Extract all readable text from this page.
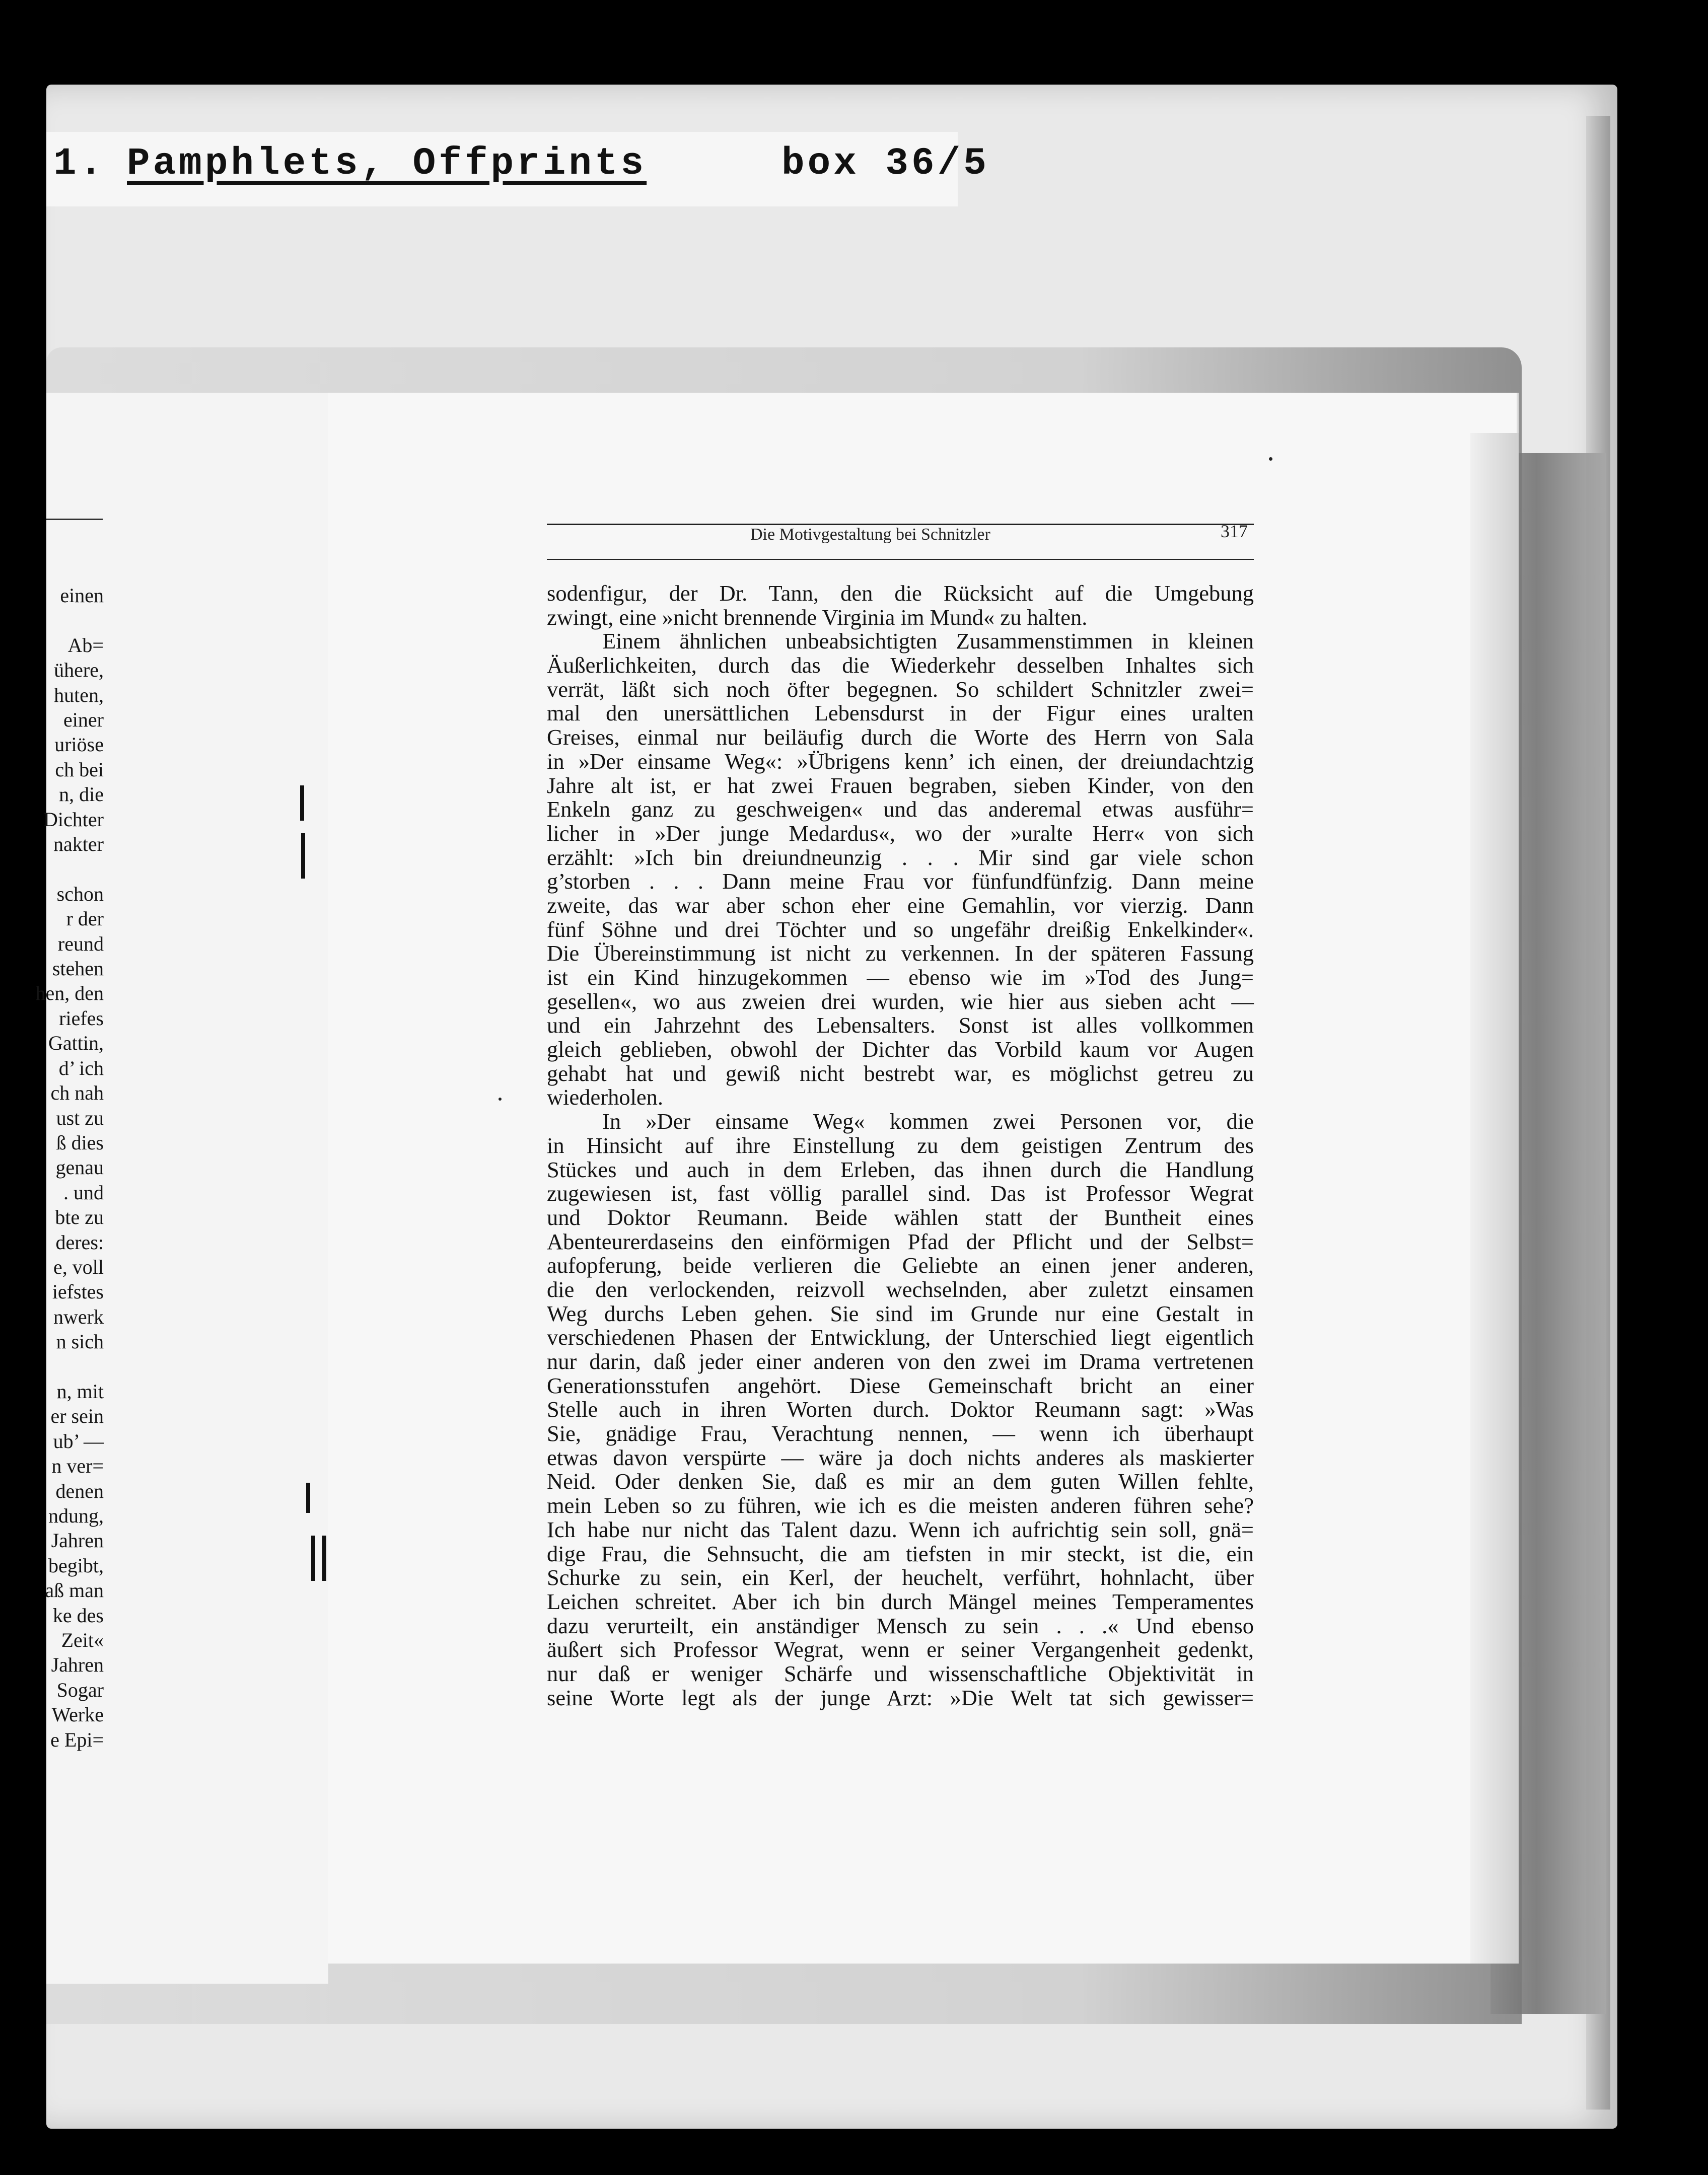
1. Pamphlets, Offprints	box 36/5
einen
Ab=
ühere,
huten,
einer
uriöse
ch bei
n, die
Dichter
nakter
schon
r der
reund
stehen
hen, den
riefes
Gattin,
d’ ich
ch nah
ust zu
ß dies
genau
. und
bte zu
deres:
e, voll
iefstes
nwerk
n sich
n, mit
er sein
ub’ —
n ver=
denen
ndung,
Jahren
begibt,
aß man
ke des
Zeit«
Jahren
Sogar
Werke
e Epi=
Die Motivgestaltung bei Schnitzler	317
sodenfigur, der Dr. Tann, den die Rücksicht auf die Umgebung
zwingt, eine »nicht brennende Virginia im Mund« zu halten.
Einem ähnlichen unbeabsichtigten Zusammenstimmen in kleinen
Äußerlichkeiten, durch das die Wiederkehr desselben Inhaltes sich
verrät, läßt sich noch öfter begegnen. So schildert Schnitzler zwei=
mal den unersättlichen Lebensdurst in der Figur eines uralten
Greises, einmal nur beiläufig durch die Worte des Herrn von Sala
in »Der einsame Weg«: »Übrigens kenn’ ich einen, der dreiundachtzig
Jahre alt ist, er hat zwei Frauen begraben, sieben Kinder, von den
Enkeln ganz zu geschweigen« und das anderemal etwas ausführ=
licher in »Der junge Medardus«, wo der »uralte Herr« von sich
erzählt: »Ich bin dreiundneunzig . . . Mir sind gar viele schon
g’storben . . . Dann meine Frau vor fünfundfünfzig. Dann meine
zweite, das war aber schon eher eine Gemahlin, vor vierzig. Dann
fünf Söhne und drei Töchter und so ungefähr dreißig Enkelkinder«.
Die Übereinstimmung ist nicht zu verkennen. In der späteren Fassung
ist ein Kind hinzugekommen — ebenso wie im »Tod des Jung=
gesellen«, wo aus zweien drei wurden, wie hier aus sieben acht —
und ein Jahrzehnt des Lebensalters. Sonst ist alles vollkommen
gleich geblieben, obwohl der Dichter das Vorbild kaum vor Augen
gehabt hat und gewiß nicht bestrebt war, es möglichst getreu zu
wiederholen.
In »Der einsame Weg« kommen zwei Personen vor, die
in Hinsicht auf ihre Einstellung zu dem geistigen Zentrum des
Stückes und auch in dem Erleben, das ihnen durch die Handlung
zugewiesen ist, fast völlig parallel sind. Das ist Professor Wegrat
und Doktor Reumann. Beide wählen statt der Buntheit eines
Abenteurerdaseins den einförmigen Pfad der Pflicht und der Selbst=
aufopferung, beide verlieren die Geliebte an einen jener anderen,
die den verlockenden, reizvoll wechselnden, aber zuletzt einsamen
Weg durchs Leben gehen. Sie sind im Grunde nur eine Gestalt in
verschiedenen Phasen der Entwicklung, der Unterschied liegt eigentlich
nur darin, daß jeder einer anderen von den zwei im Drama vertretenen
Generationsstufen angehört. Diese Gemeinschaft bricht an einer
Stelle auch in ihren Worten durch. Doktor Reumann sagt: »Was
Sie, gnädige Frau, Verachtung nennen, — wenn ich überhaupt
etwas davon verspürte — wäre ja doch nichts anderes als maskierter
Neid. Oder denken Sie, daß es mir an dem guten Willen fehlte,
mein Leben so zu führen, wie ich es die meisten anderen führen sehe?
Ich habe nur nicht das Talent dazu. Wenn ich aufrichtig sein soll, gnä=
dige Frau, die Sehnsucht, die am tiefsten in mir steckt, ist die, ein
Schurke zu sein, ein Kerl, der heuchelt, verführt, hohnlacht, über
Leichen schreitet. Aber ich bin durch Mängel meines Temperamentes
dazu verurteilt, ein anständiger Mensch zu sein . . .« Und ebenso
äußert sich Professor Wegrat, wenn er seiner Vergangenheit gedenkt,
nur daß er weniger Schärfe und wissenschaftliche Objektivität in
seine Worte legt als der junge Arzt: »Die Welt tat sich gewisser=
